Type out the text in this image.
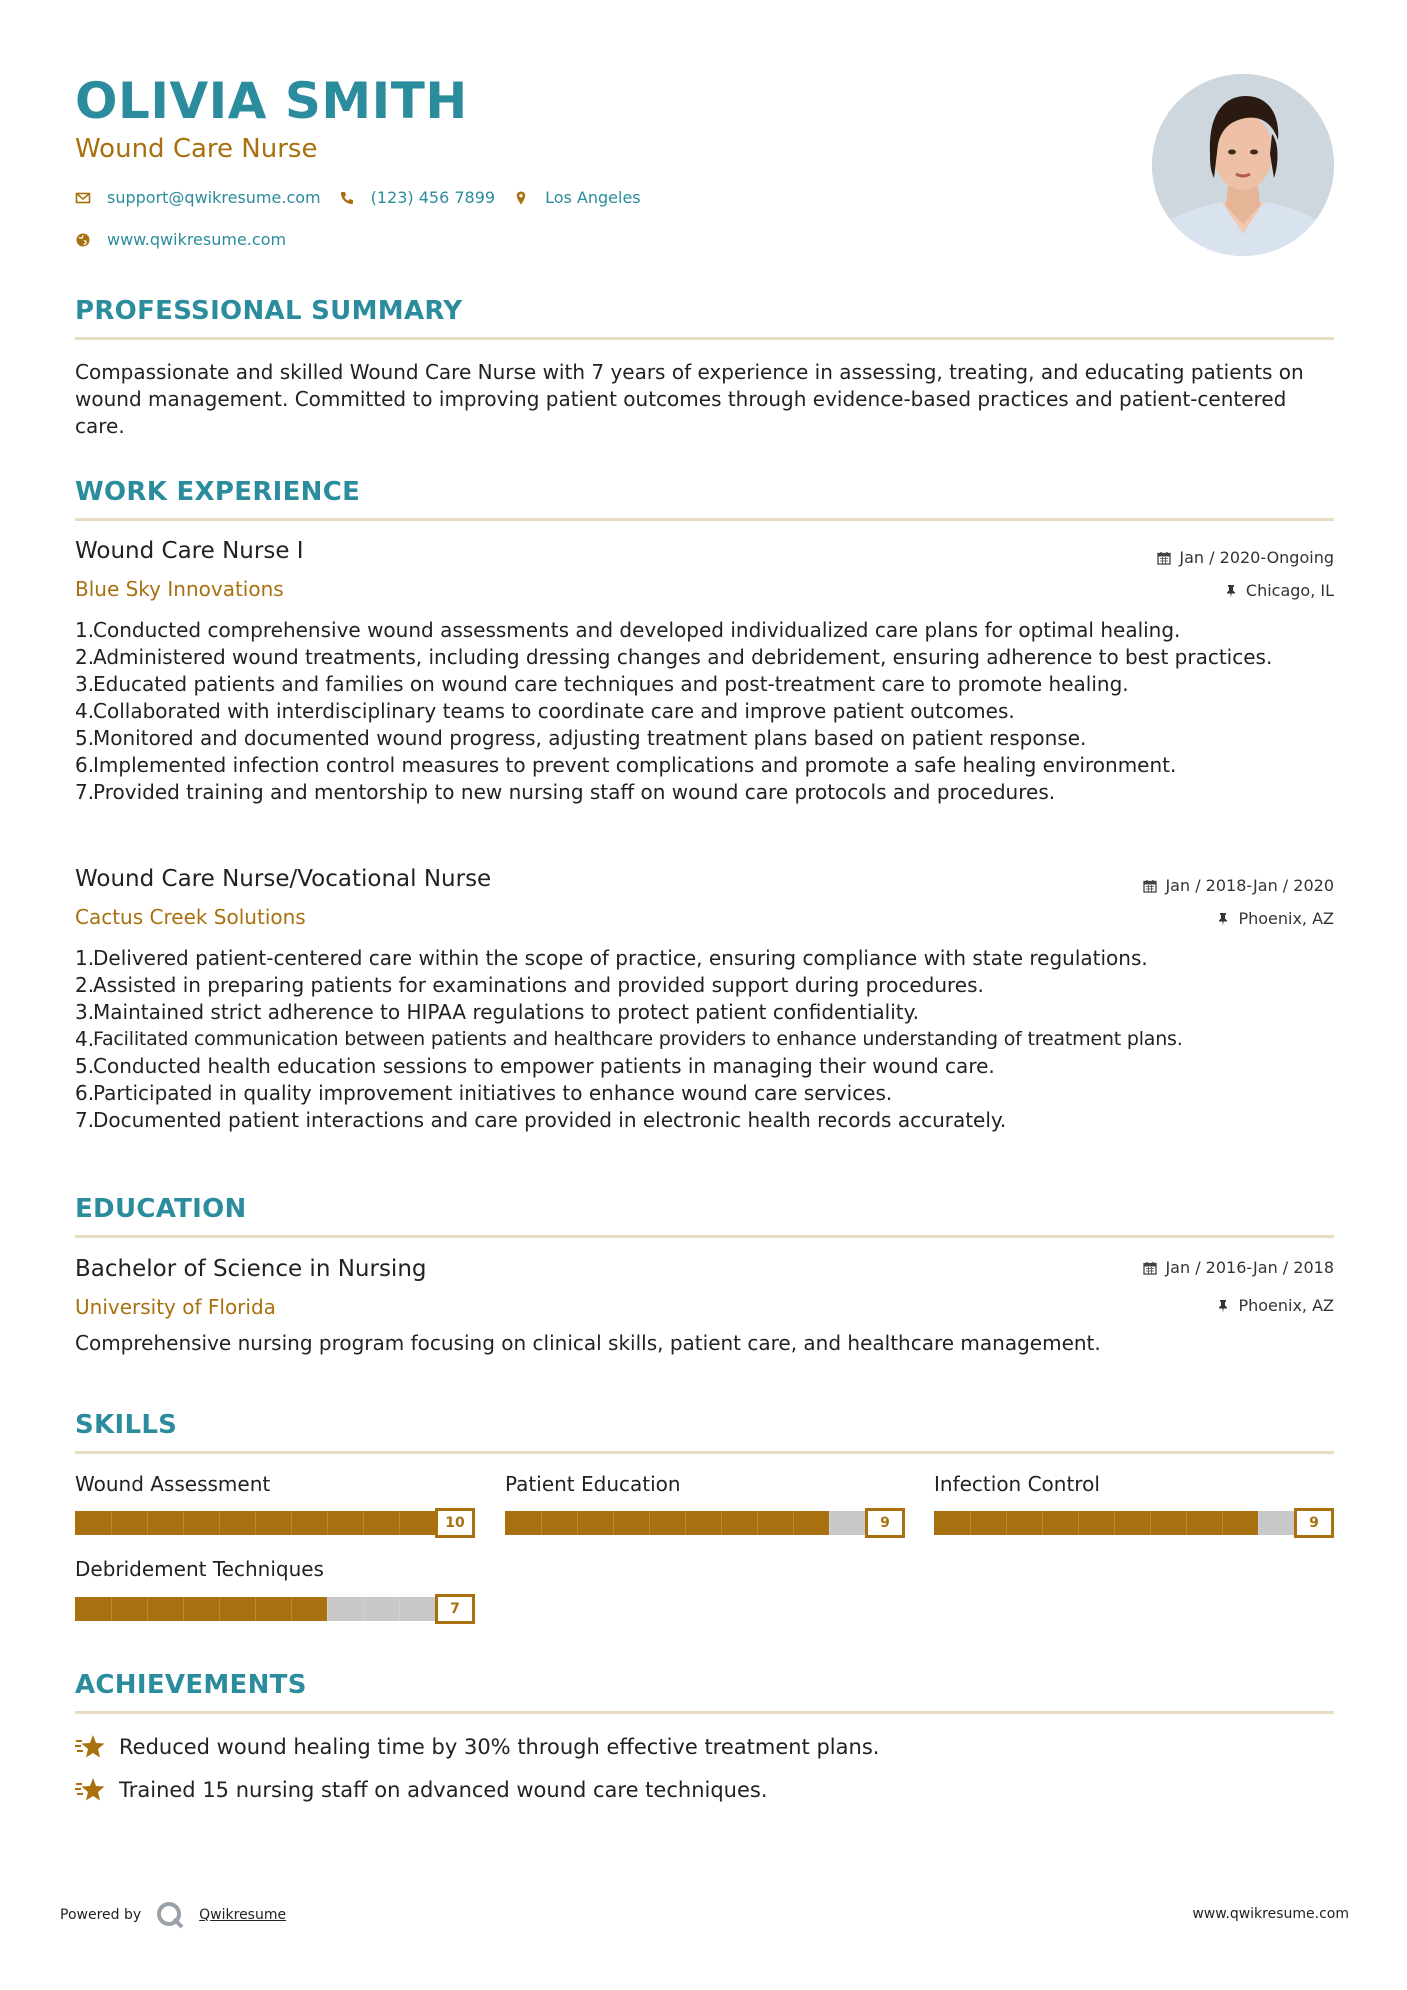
OLIVIA SMITH
Wound Care Nurse
support@qwikresume.com	(123) 456 7899	Los Angeles
www.qwikresume.com
PROFESSIONAL SUMMARY
Compassionate and skilled Wound Care Nurse with 7 years of experience in assessing, treating, and educating patients on wound management. Committed to improving patient outcomes through evidence-based practices and patient-centered care.
WORK EXPERIENCE
Wound Care Nurse I	Jan / 2020-Ongoing
Blue Sky Innovations	Chicago, IL
1.
Conducted comprehensive wound assessments and developed individualized care plans for optimal healing.
2.
Administered wound treatments, including dressing changes and debridement, ensuring adherence to best practices.
3.
Educated patients and families on wound care techniques and post-treatment care to promote healing.
4.
Collaborated with interdisciplinary teams to coordinate care and improve patient outcomes.
5.
Monitored and documented wound progress, adjusting treatment plans based on patient response.
6.
Implemented infection control measures to prevent complications and promote a safe healing environment.
7.
Provided training and mentorship to new nursing staff on wound care protocols and procedures.
Wound Care Nurse/Vocational Nurse	Jan / 2018-Jan / 2020
Cactus Creek Solutions	Phoenix, AZ
1.
Delivered patient-centered care within the scope of practice, ensuring compliance with state regulations.
2.
Assisted in preparing patients for examinations and provided support during procedures.
3.
Maintained strict adherence to HIPAA regulations to protect patient confidentiality.
4.
Facilitated communication between patients and healthcare providers to enhance understanding of treatment plans.
5.
Conducted health education sessions to empower patients in managing their wound care.
6.
Participated in quality improvement initiatives to enhance wound care services.
7.
Documented patient interactions and care provided in electronic health records accurately.
EDUCATION
Bachelor of Science in Nursing	Jan / 2016-Jan / 2018
University of Florida	Phoenix, AZ
Comprehensive nursing program focusing on clinical skills, patient care, and healthcare management.
SKILLS
Wound Assessment
10
Patient Education
9
Infection Control
9
Debridement Techniques
7
ACHIEVEMENTS
Reduced wound healing time by 30% through effective treatment plans.
Trained 15 nursing staff on advanced wound care techniques.
Powered by	Qwikresume	www.qwikresume.com
